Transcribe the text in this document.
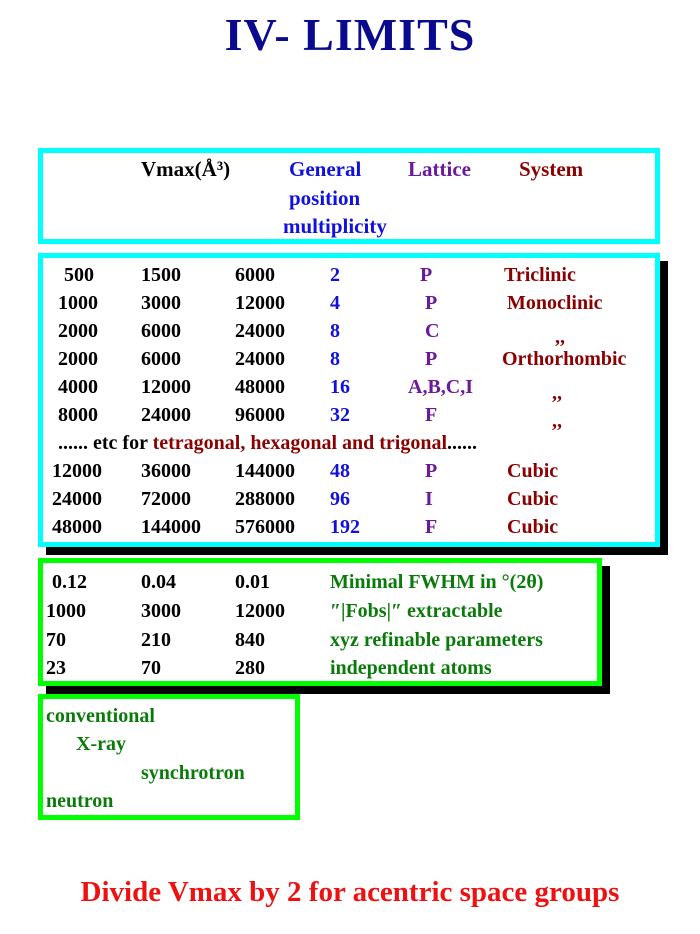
IV- LIMITS
Vmax(Å³)	General
position
multiplicity
Lattice System
500 1500	6000	2	P	Triclinic
1000 3000	12000 4	P	Monoclinic
2000 6000	24000 8	C	,,
2000 6000	24000 8	P	Orthorhombic
4000 12000 48000 16	A,B,C,I	,,
8000 24000 96000 32	F	,,
...... etc for tetragonal, hexagonal and trigonal......
12000 36000 144000 48	P	Cubic
24000 72000 288000 96	I	Cubic
48000 144000 576000 192	F	Cubic
0.12	0.04	0.01	Minimal FWHM in °(2θ)
1000	3000	12000 ″|Fobs|″ extractable
70	210	840	xyz refinable parameters
23	70	280	independent atoms
conventional
X-ray
synchrotron
neutron
Divide Vmax by 2 for acentric space groups
